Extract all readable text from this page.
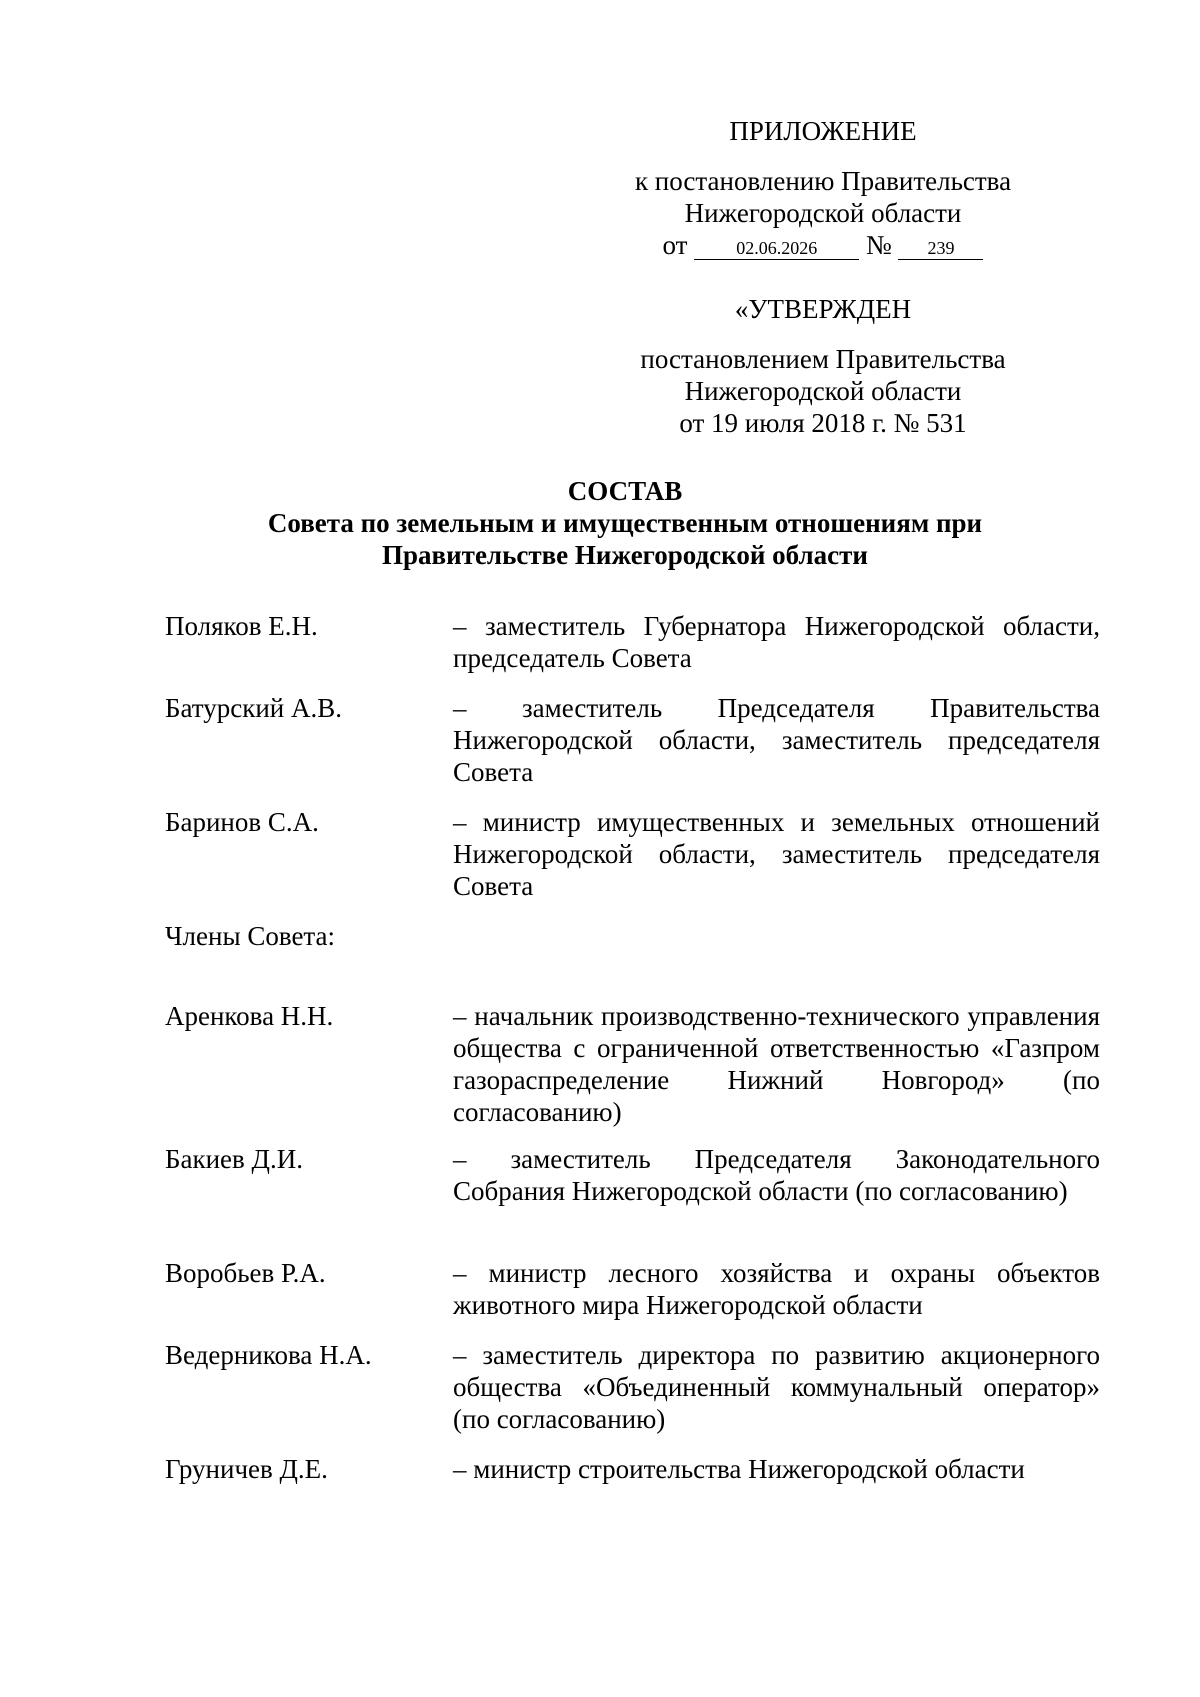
ПРИЛОЖЕНИЕ
к постановлению Правительства
Нижегородской области
от	02.06.2026 № 239
«УТВЕРЖДЕН
постановлением Правительства
Нижегородской области
от 19 июля 2018 г. № 531
СОСТАВ
Совета по земельным и имущественным отношениям при
Правительстве Нижегородской области
Поляков Е.Н.	– заместитель Губернатора Нижегородской области, председатель Совета
Батурский А.В.	– заместитель Председателя Правительства Нижегородской области, заместитель председателя Совета
Баринов С.А.	– министр имущественных и земельных отношений Нижегородской области, заместитель председателя Совета
Члены Совета:
Аренкова Н.Н.	– начальник производственно-технического управления общества с ограниченной ответственностью «Газпром газораспределение Нижний Новгород» (по согласованию)
Бакиев Д.И.	– заместитель Председателя Законодательного Собрания Нижегородской области (по согласованию)
Воробьев Р.А.	– министр лесного хозяйства и охраны объектов животного мира Нижегородской области
Ведерникова Н.А.	– заместитель директора по развитию акционерного общества «Объединенный коммунальный оператор» (по согласованию)
Груничев Д.Е.	– министр строительства Нижегородской области
